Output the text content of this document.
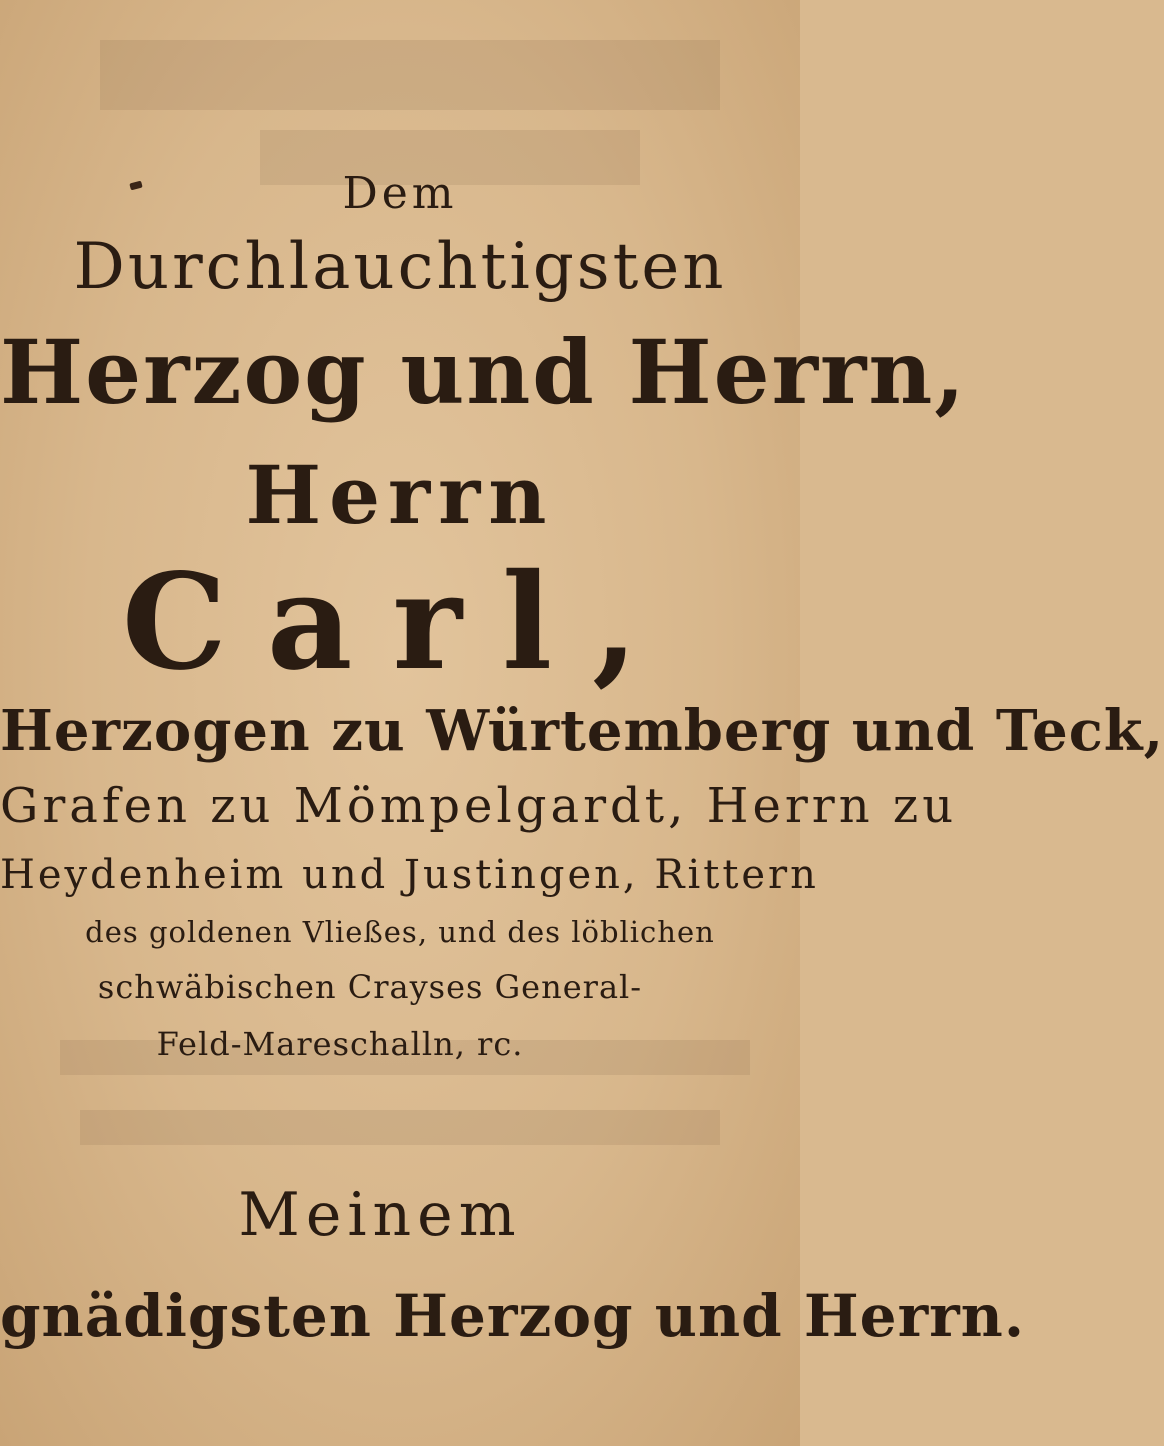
Dem
Durchlauchtigsten
Herzog und Herrn,
Herrn
Carl,
Herzogen zu Würtemberg und Teck,
Grafen zu Mömpelgardt, Herrn zu
Heydenheim und Justingen, Rittern
des goldenen Vließes, und des löblichen
schwäbischen Crayses General-
Feld-Mareschalln, rc.
Meinem
gnädigsten Herzog und Herrn.
